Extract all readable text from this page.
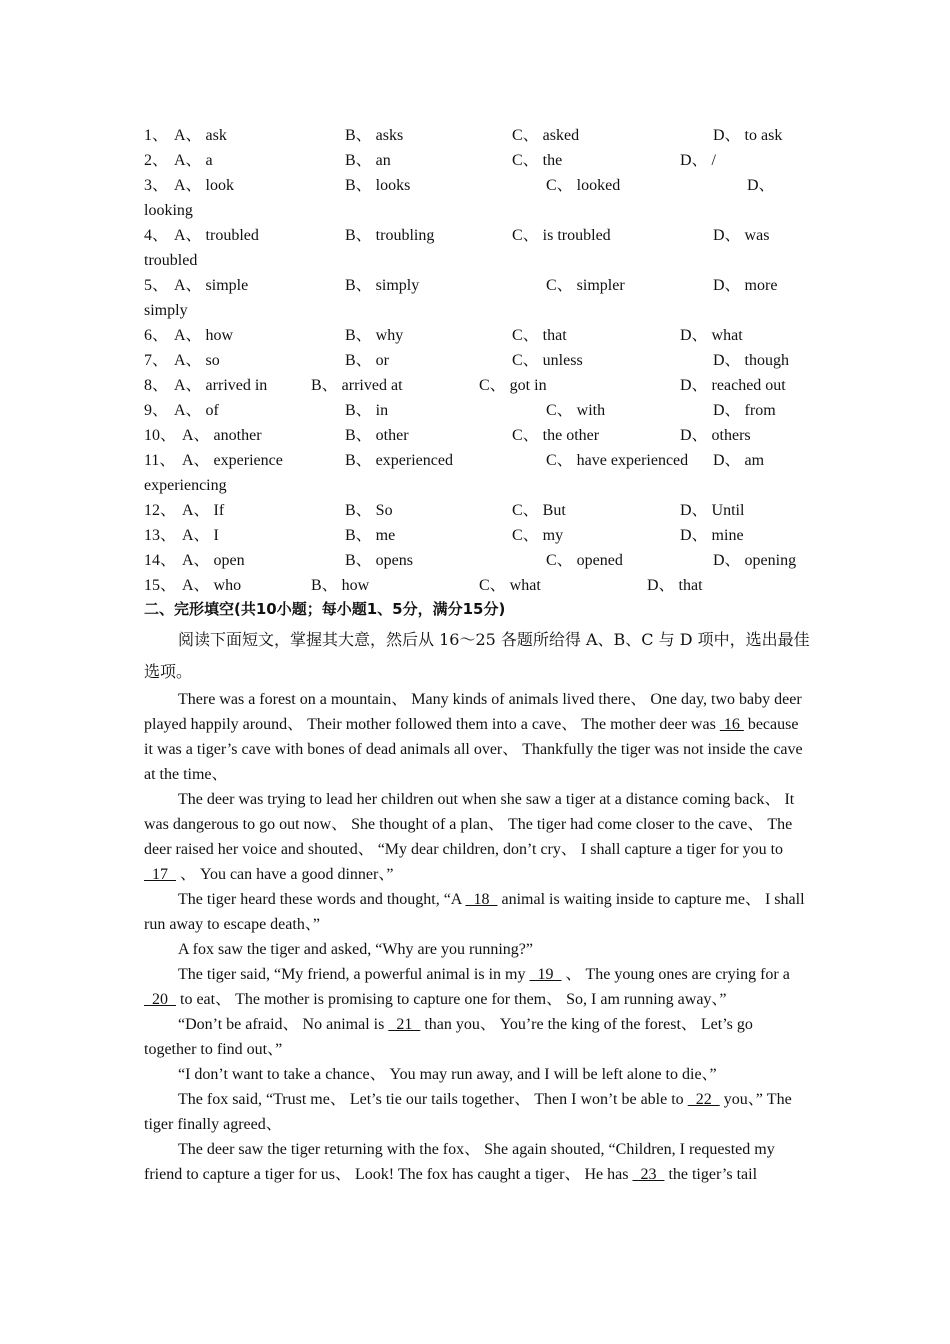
1、 A、 ask	B、 asks	C、 asked	D、 to ask
2、 A、 a	B、 an	C、 the	D、 /
3、 A、 look	B、 looks	C、 looked	D、
looking
4、 A、 troubled	B、 troubling	C、 is troubled	D、 was
troubled
5、 A、 simple	B、 simply	C、 simpler	D、 more
simply
6、 A、 how	B、 why	C、 that	D、 what
7、 A、 so	B、 or	C、 unless	D、 though
8、 A、 arrived in	B、 arrived at	C、 got in	D、 reached out
9、 A、 of	B、 in	C、 with	D、 from
10、 A、 another	B、 other	C、 the other	D、 others
11、 A、 experience	B、 experienced	C、 have experienced D、 am
experiencing
12、 A、 If	B、 So	C、 But	D、 Until
13、 A、 I	B、 me	C、 my	D、 mine
14、 A、 open	B、 opens	C、 opened	D、 opening
15、 A、 who	B、 how	C、 what	D、 that
二、完形填空(共10小题；每小题1、5分，满分15分)
阅读下面短文，掌握其大意，然后从 16～25 各题所给得 A、B、C 与 D 项中，选出最佳选项。

There was a forest on a mountain、 Many kinds of animals lived there、 One day, two baby deer played happily around、 Their mother followed them into a cave、 The mother deer was  16  because it was a tiger’s cave with bones of dead animals all over、 Thankfully the tiger was not inside the cave at the time、

The deer was trying to lead her children out when she saw a tiger at a distance coming back、 It was dangerous to go out now、 She thought of a plan、 The tiger had come closer to the cave、 The deer raised her voice and shouted、 “My dear children, don’t cry、 I shall capture a tiger for you to   17   、 You can have a good dinner、”

The tiger heard these words and thought, “A   18   animal is waiting inside to capture me、 I shall run away to escape death、”

A fox saw the tiger and asked, “Why are you running?”

The tiger said, “My friend, a powerful animal is in my   19   、 The young ones are crying for a   20   to eat、 The mother is promising to capture one for them、 So, I am running away、”

“Don’t be afraid、 No animal is   21   than you、 You’re the king of the forest、 Let’s go together to find out、”

“I don’t want to take a chance、 You may run away, and I will be left alone to die、”

The fox said, “Trust me、 Let’s tie our tails together、 Then I won’t be able to   22   you、” The tiger finally agreed、

The deer saw the tiger returning with the fox、 She again shouted, “Children, I requested my friend to capture a tiger for us、 Look! The fox has caught a tiger、 He has   23   the tiger’s tail
